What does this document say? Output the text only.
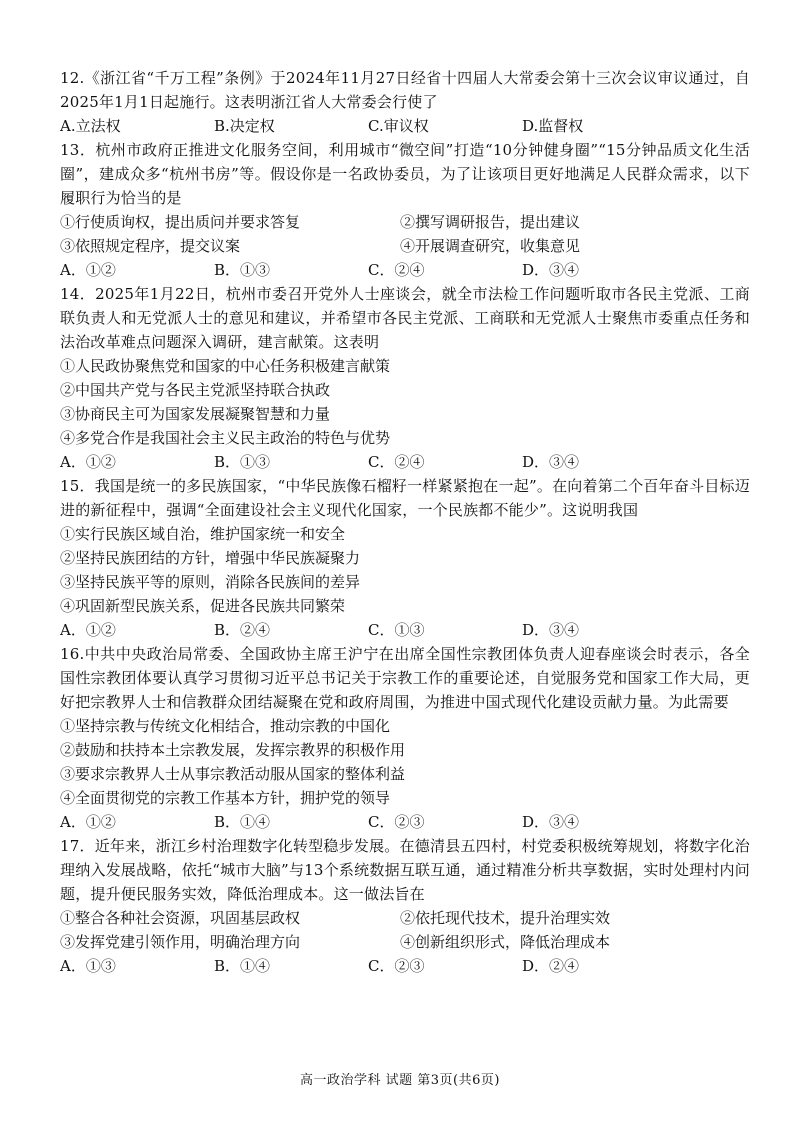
12.《浙江省“千万工程”条例》于2024年11月27日经省十四届人大常委会第十三次会议审议通过，自2025年1月1日起施行。这表明浙江省人大常委会行使了

A.立法权	B.决定权	C.审议权	D.监督权

13．杭州市政府正推进文化服务空间，利用城市“微空间”打造“10分钟健身圈”“15分钟品质文化生活圈”，建成众多“杭州书房”等。假设你是一名政协委员，为了让该项目更好地满足人民群众需求，以下履职行为恰当的是

①行使质询权，提出质问并要求答复	②撰写调研报告，提出建议
③依照规定程序，提交议案	④开展调查研究，收集意见
A．①②	B．①③	C．②④	D．③④

14．2025年1月22日，杭州市委召开党外人士座谈会，就全市法检工作问题听取市各民主党派、工商联负责人和无党派人士的意见和建议，并希望市各民主党派、工商联和无党派人士聚焦市委重点任务和法治改革难点问题深入调研，建言献策。这表明

①人民政协聚焦党和国家的中心任务积极建言献策

②中国共产党与各民主党派坚持联合执政

③协商民主可为国家发展凝聚智慧和力量

④多党合作是我国社会主义民主政治的特色与优势

A．①②	B．①③	C．②④	D．③④

15．我国是统一的多民族国家，“中华民族像石榴籽一样紧紧抱在一起”。在向着第二个百年奋斗目标迈进的新征程中，强调“全面建设社会主义现代化国家，一个民族都不能少”。这说明我国

①实行民族区域自治，维护国家统一和安全

②坚持民族团结的方针，增强中华民族凝聚力

③坚持民族平等的原则，消除各民族间的差异

④巩固新型民族关系，促进各民族共同繁荣

A．①②	B．②④	C．①③	D．③④

16.中共中央政治局常委、全国政协主席王沪宁在出席全国性宗教团体负责人迎春座谈会时表示，各全国性宗教团体要认真学习贯彻习近平总书记关于宗教工作的重要论述，自觉服务党和国家工作大局，更好把宗教界人士和信教群众团结凝聚在党和政府周围，为推进中国式现代化建设贡献力量。为此需要

①坚持宗教与传统文化相结合，推动宗教的中国化

②鼓励和扶持本土宗教发展，发挥宗教界的积极作用

③要求宗教界人士从事宗教活动服从国家的整体利益

④全面贯彻党的宗教工作基本方针，拥护党的领导

A．①②	B．①④	C．②③	D．③④

17．近年来，浙江乡村治理数字化转型稳步发展。在德清县五四村，村党委积极统筹规划，将数字化治理纳入发展战略，依托“城市大脑”与13个系统数据互联互通，通过精准分析共享数据，实时处理村内问题，提升便民服务实效，降低治理成本。这一做法旨在

①整合各种社会资源，巩固基层政权	②依托现代技术，提升治理实效
③发挥党建引领作用，明确治理方向	④创新组织形式，降低治理成本
A．①③	B．①④	C．②③	D．②④
高一政治学科 试题 第3页(共6页)
